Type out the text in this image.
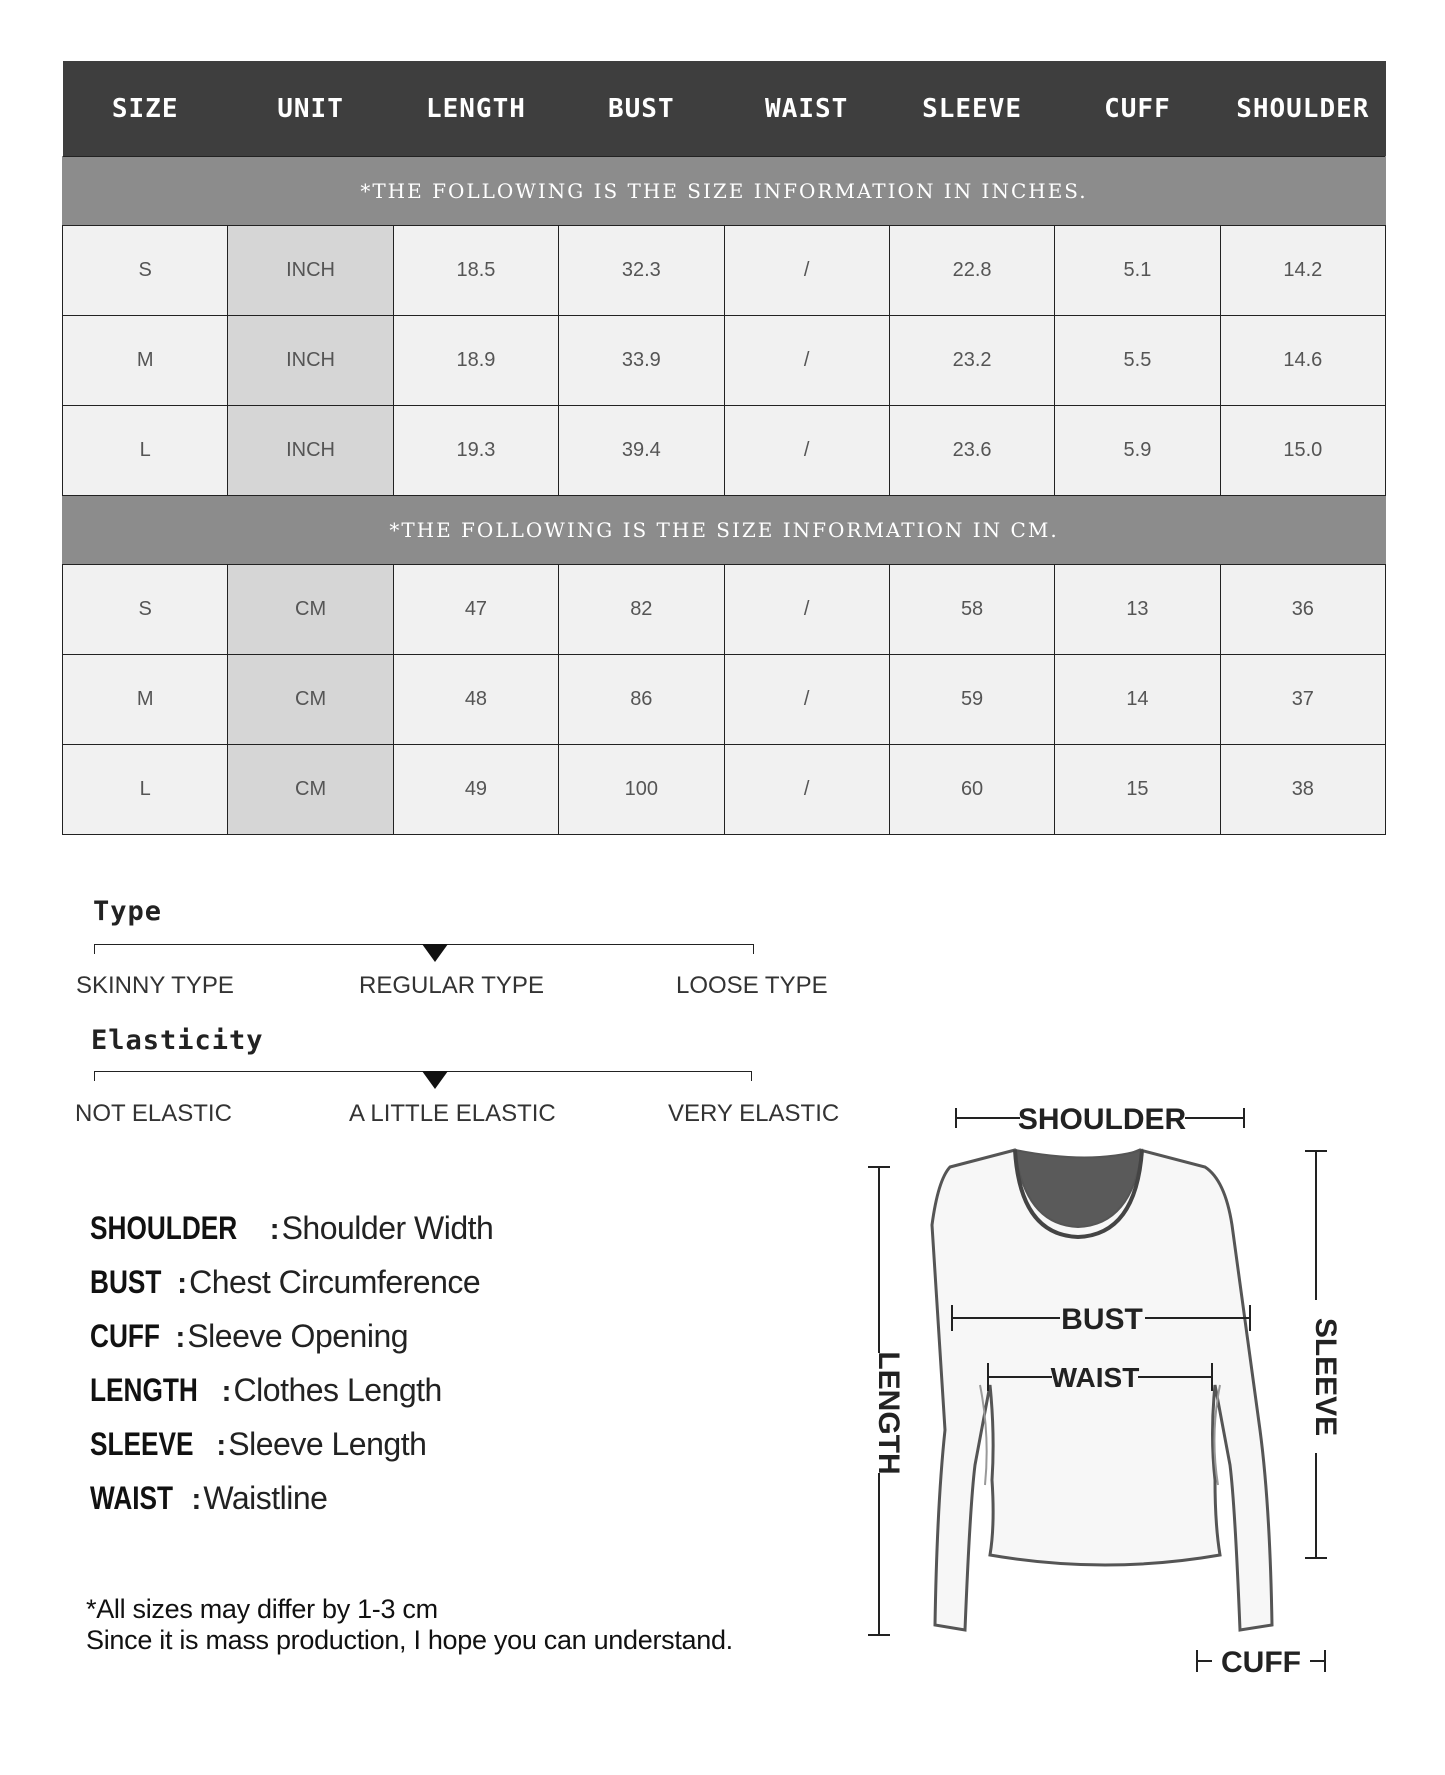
SIZE	UNIT	LENGTH	BUST	WAIST	SLEEVE	CUFF	SHOULDER
*THE FOLLOWING IS THE SIZE INFORMATION IN INCHES.							
S	INCH	18.5	32.3	/	22.8	5.1	14.2
M	INCH	18.9	33.9	/	23.2	5.5	14.6
L	INCH	19.3	39.4	/	23.6	5.9	15.0
*THE FOLLOWING IS THE SIZE INFORMATION IN CM.							
S	CM	47	82	/	58	13	36
M	CM	48	86	/	59	14	37
L	CM	49	100	/	60	15	38
Type
SKINNY TYPE	REGULAR TYPE	LOOSE TYPE
Elasticity
NOT ELASTIC	A LITTLE ELASTIC	VERY ELASTIC
SHOULDER : Shoulder Width
BUST : Chest Circumference
CUFF : Sleeve Opening
LENGTH : Clothes Length
SLEEVE : Sleeve Length
WAIST : Waistline
*All sizes may differ by 1-3 cm
Since it is mass production, I hope you can understand.
SHOULDER
BUST
WAIST
LENGTH	SLEEVE
CUFF
